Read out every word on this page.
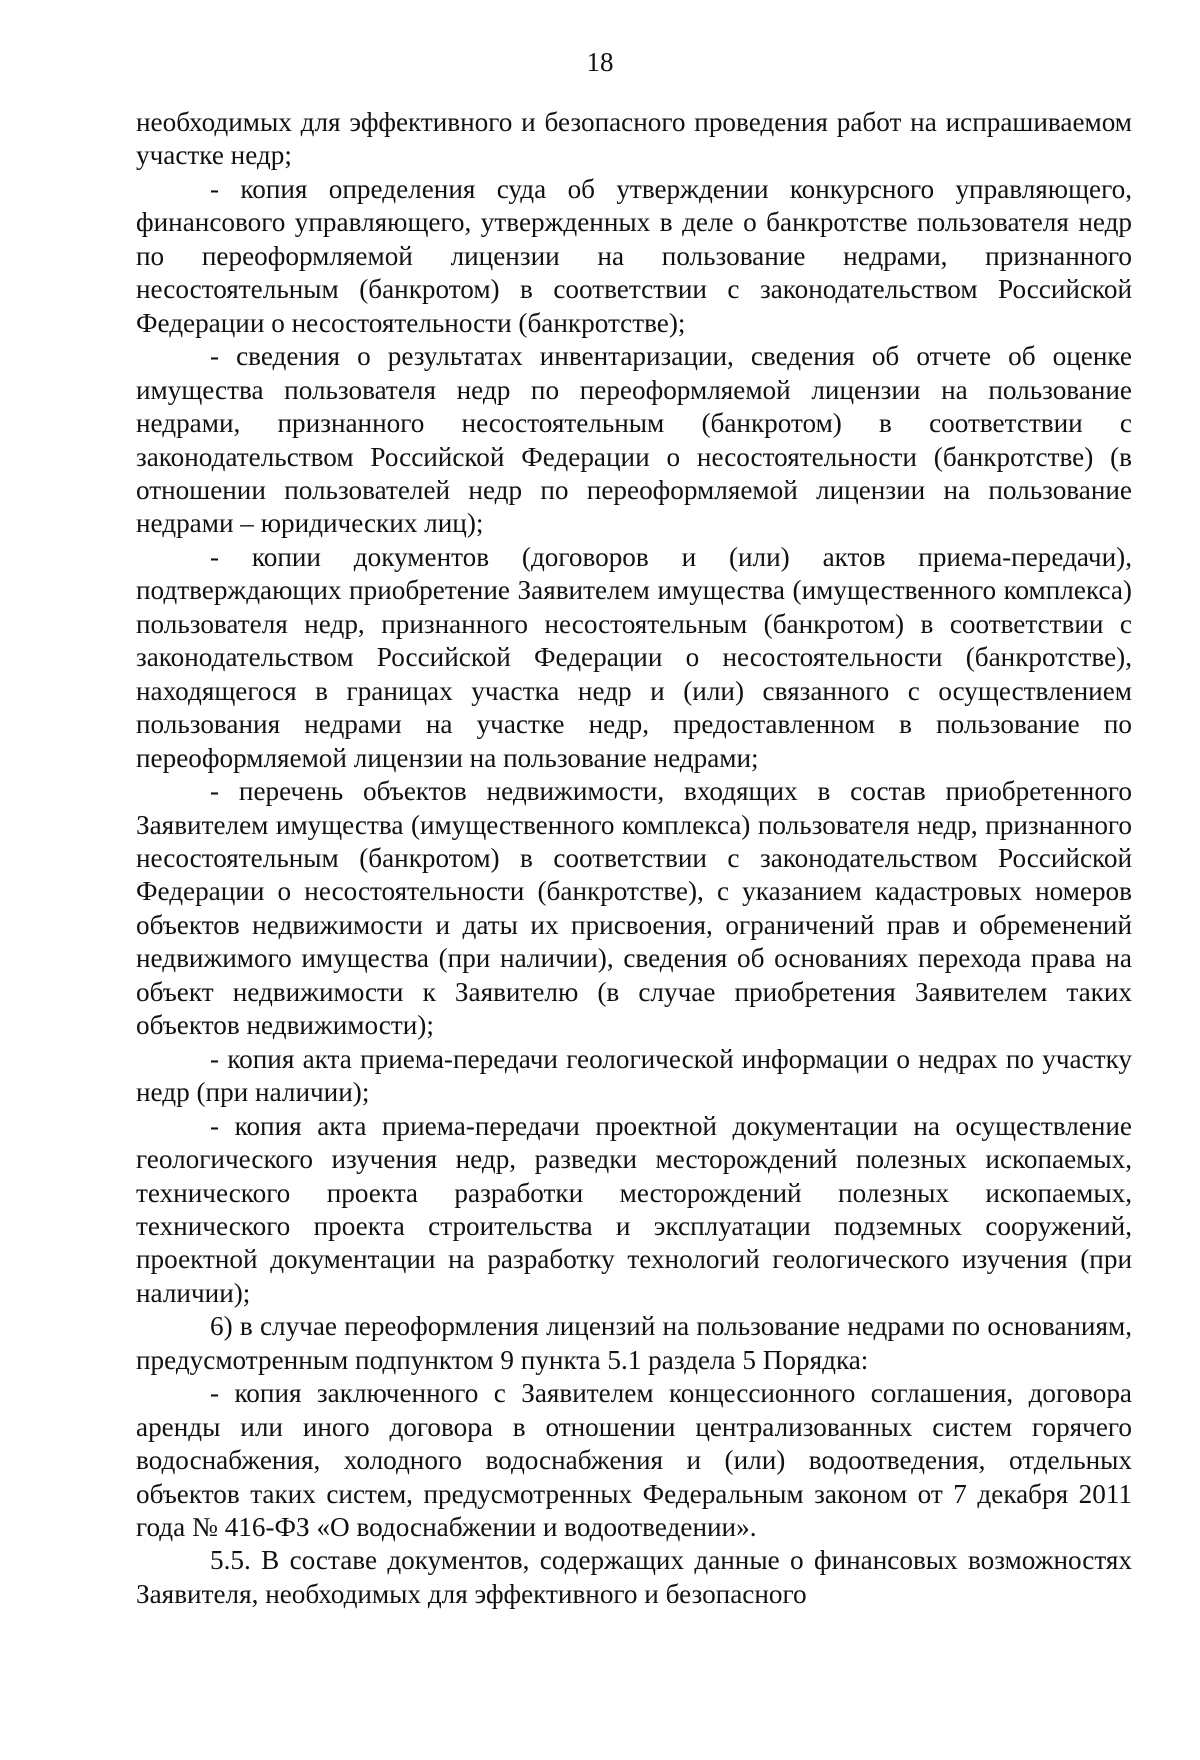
18

необходимых для эффективного и безопасного проведения работ на испрашиваемом участке недр;

- копия определения суда об утверждении конкурсного управляющего, финансового управляющего, утвержденных в деле о банкротстве пользователя недр по переоформляемой лицензии на пользование недрами, признанного несостоятельным (банкротом) в соответствии с законодательством Российской Федерации о несостоятельности (банкротстве);

- сведения о результатах инвентаризации, сведения об отчете об оценке имущества пользователя недр по переоформляемой лицензии на пользование недрами, признанного несостоятельным (банкротом) в соответствии с законодательством Российской Федерации о несостоятельности (банкротстве) (в отношении пользователей недр по переоформляемой лицензии на пользование недрами – юридических лиц);

- копии документов (договоров и (или) актов приема-передачи), подтверждающих приобретение Заявителем имущества (имущественного комплекса) пользователя недр, признанного несостоятельным (банкротом) в соответствии с законодательством Российской Федерации о несостоятельности (банкротстве), находящегося в границах участка недр и (или) связанного с осуществлением пользования недрами на участке недр, предоставленном в пользование по переоформляемой лицензии на пользование недрами;

- перечень объектов недвижимости, входящих в состав приобретенного Заявителем имущества (имущественного комплекса) пользователя недр, признанного несостоятельным (банкротом) в соответствии с законодательством Российской Федерации о несостоятельности (банкротстве), с указанием кадастровых номеров объектов недвижимости и даты их присвоения, ограничений прав и обременений недвижимого имущества (при наличии), сведения об основаниях перехода права на объект недвижимости к Заявителю (в случае приобретения Заявителем таких объектов недвижимости);

- копия акта приема-передачи геологической информации о недрах по участку недр (при наличии);

- копия акта приема-передачи проектной документации на осуществление геологического изучения недр, разведки месторождений полезных ископаемых, технического проекта разработки месторождений полезных ископаемых, технического проекта строительства и эксплуатации подземных сооружений, проектной документации на разработку технологий геологического изучения (при наличии);

6) в случае переоформления лицензий на пользование недрами по основаниям, предусмотренным подпунктом 9 пункта 5.1 раздела 5 Порядка:

- копия заключенного с Заявителем концессионного соглашения, договора аренды или иного договора в отношении централизованных систем горячего водоснабжения, холодного водоснабжения и (или) водоотведения, отдельных объектов таких систем, предусмотренных Федеральным законом от 7 декабря 2011 года № 416-ФЗ «О водоснабжении и водоотведении».

5.5. В составе документов, содержащих данные о финансовых возможностях Заявителя, необходимых для эффективного и безопасного
